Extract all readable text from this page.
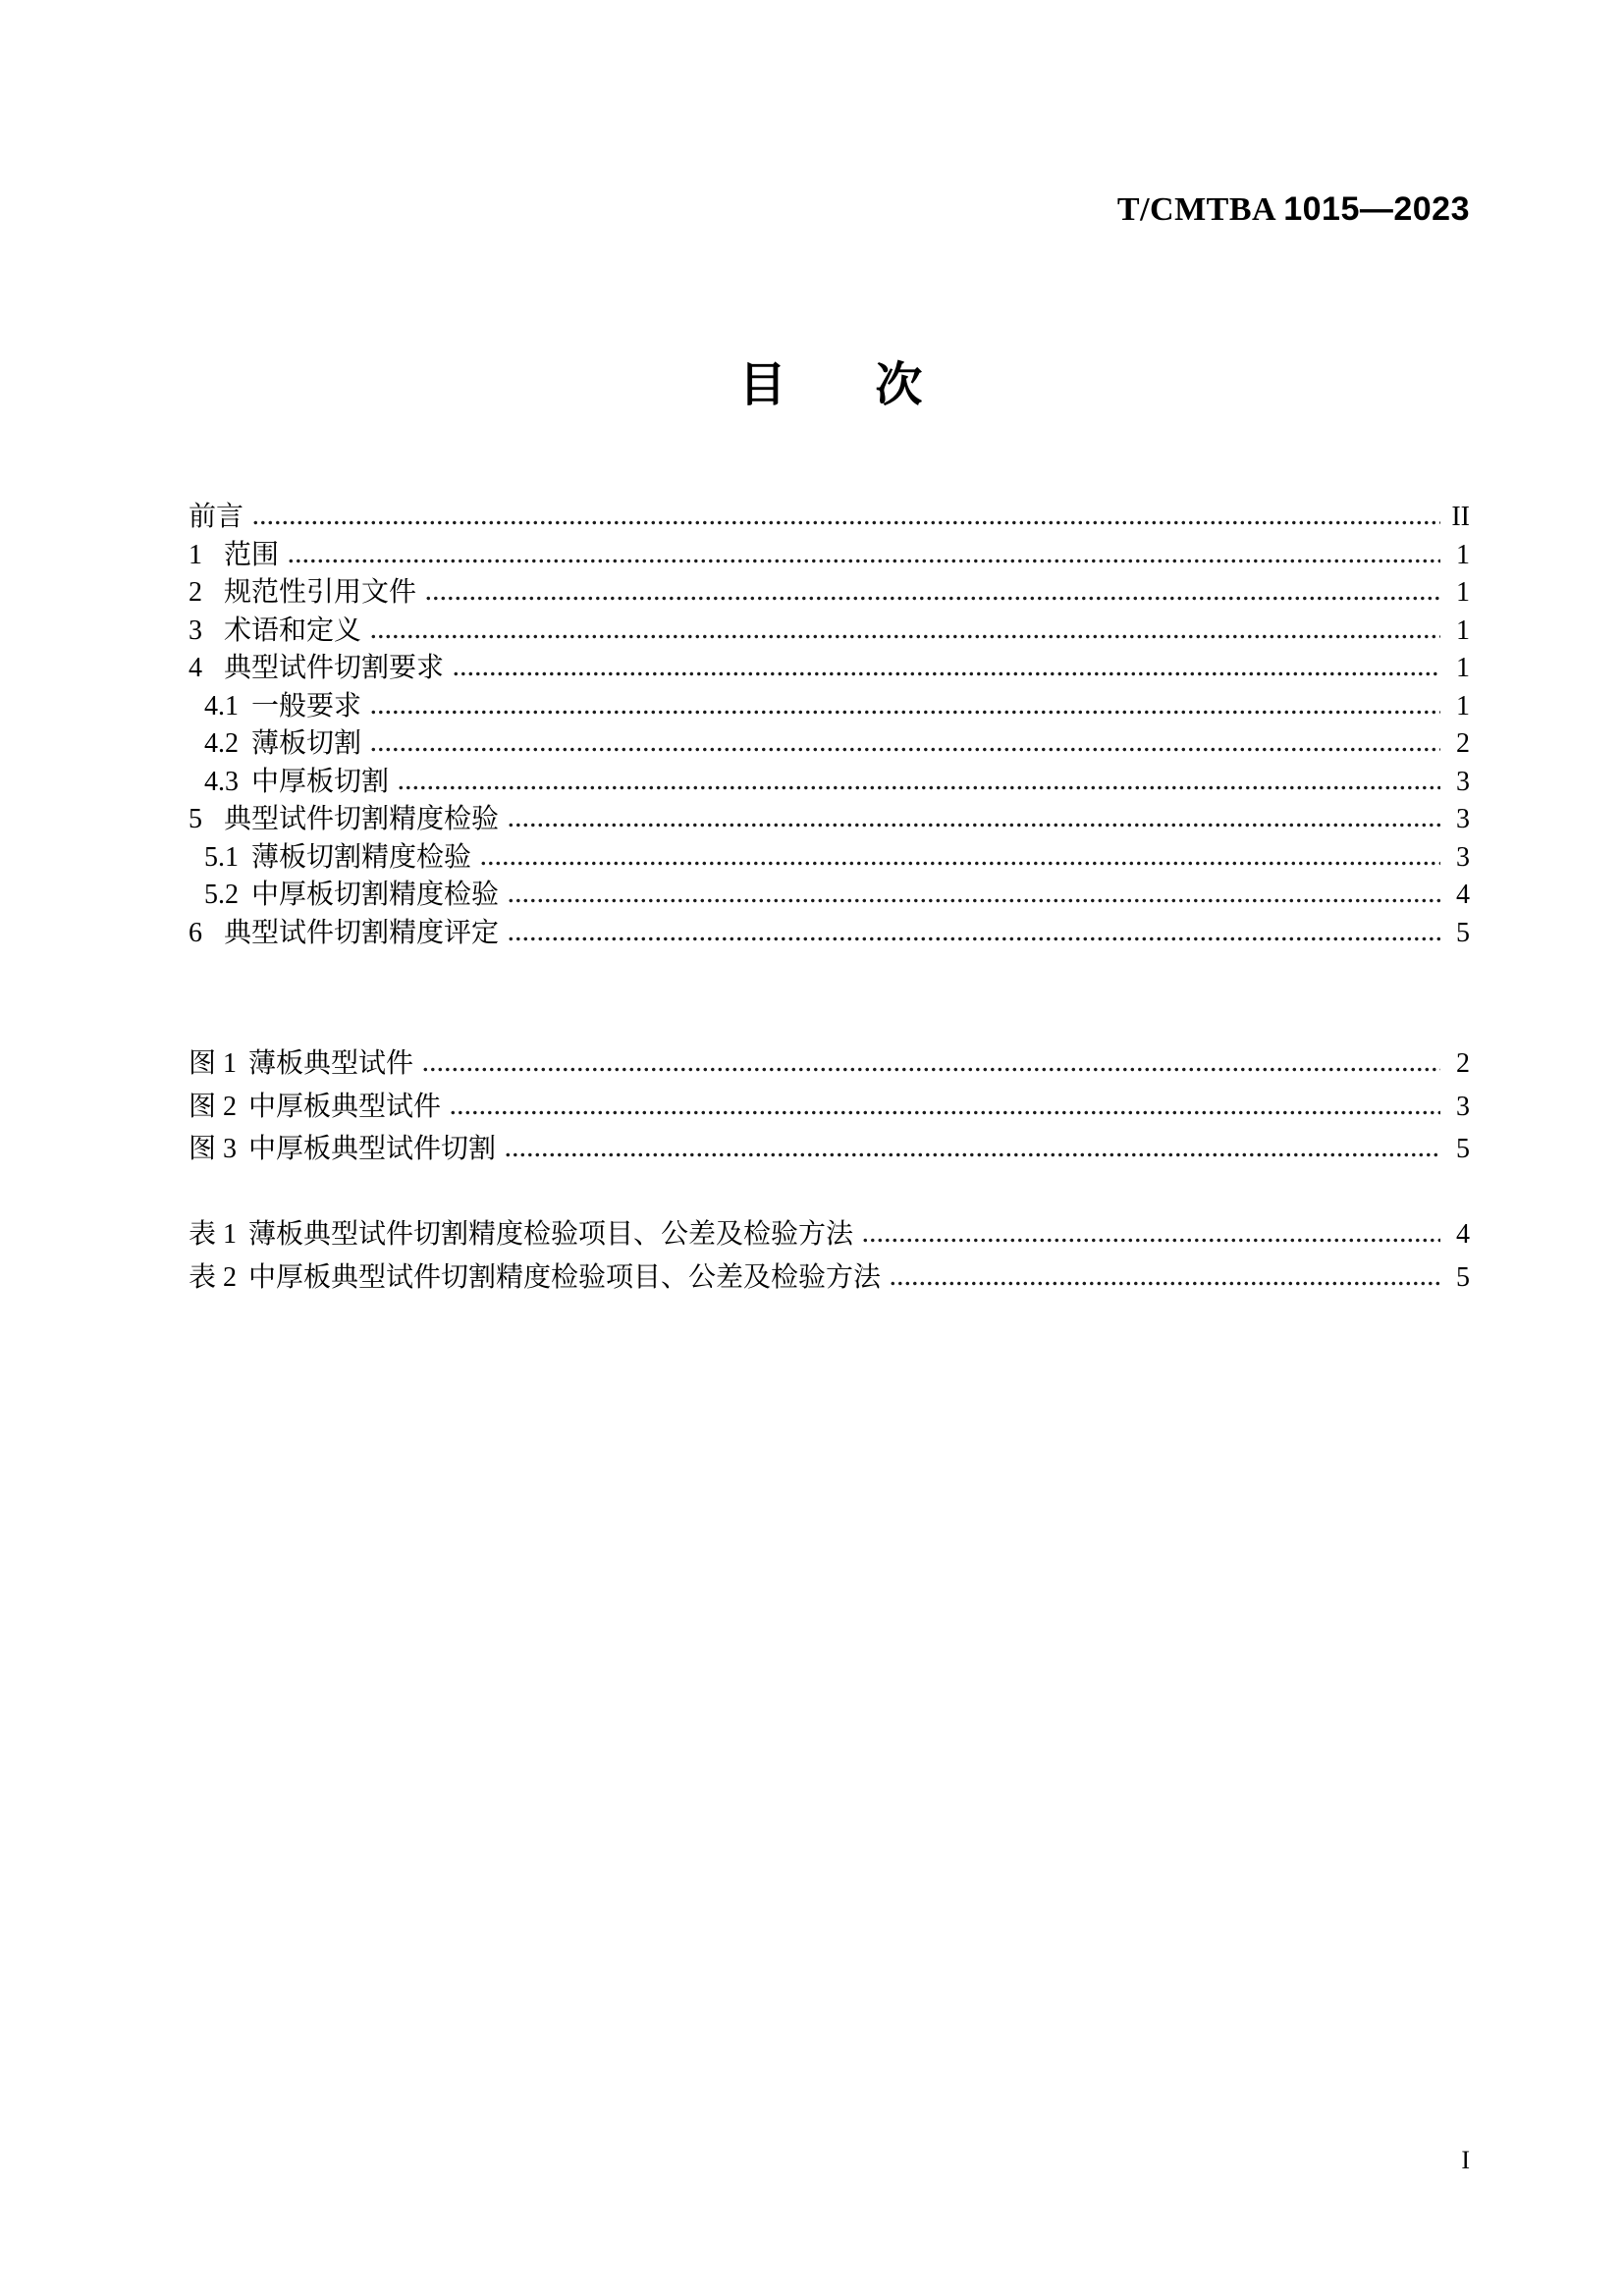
T/CMTBA 1015—2023
目 次
前言	II
1 范围	1
2 规范性引用文件	1
3 术语和定义	1
4 典型试件切割要求	1
4.1 一般要求	1
4.2 薄板切割	2
4.3 中厚板切割	3
5 典型试件切割精度检验	3
5.1 薄板切割精度检验	3
5.2 中厚板切割精度检验	4
6 典型试件切割精度评定	5
图 1 薄板典型试件	2
图 2 中厚板典型试件	3
图 3 中厚板典型试件切割	5
表 1 薄板典型试件切割精度检验项目、公差及检验方法	4
表 2 中厚板典型试件切割精度检验项目、公差及检验方法	5
I
